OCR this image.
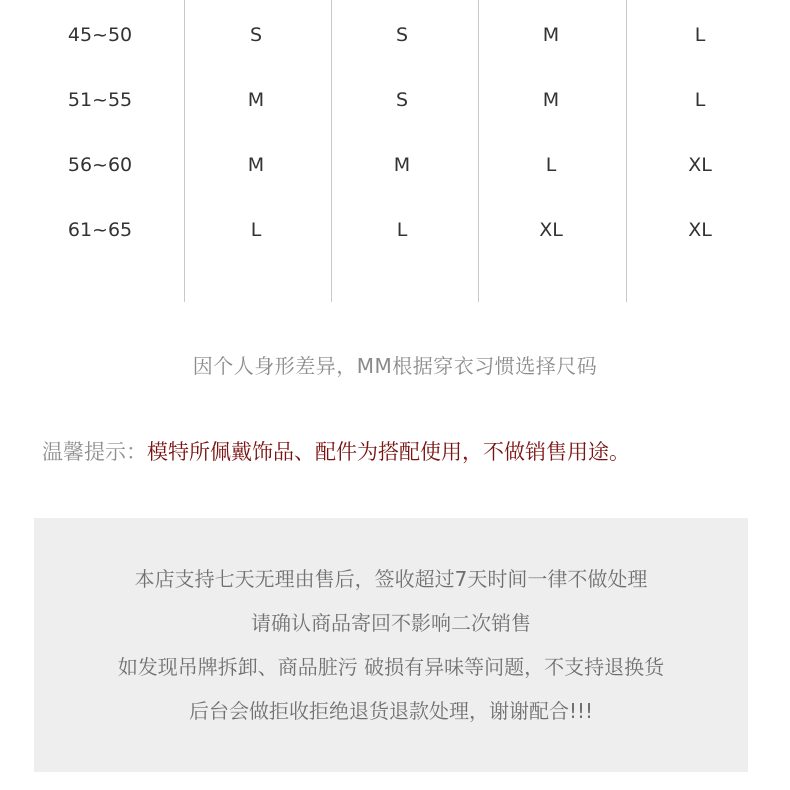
45~50	S	S	M	L
51~55	M	S	M	L
56~60	M	M	L	XL
61~65	L	L	XL	XL
因个人身形差异，MM根据穿衣习惯选择尺码
温馨提示：模特所佩戴饰品、配件为搭配使用，不做销售用途。
本店支持七天无理由售后，签收超过7天时间一律不做处理
请确认商品寄回不影响二次销售
如发现吊牌拆卸、商品脏污 破损有异味等问题，不支持退换货
后台会做拒收拒绝退货退款处理，谢谢配合!!!
